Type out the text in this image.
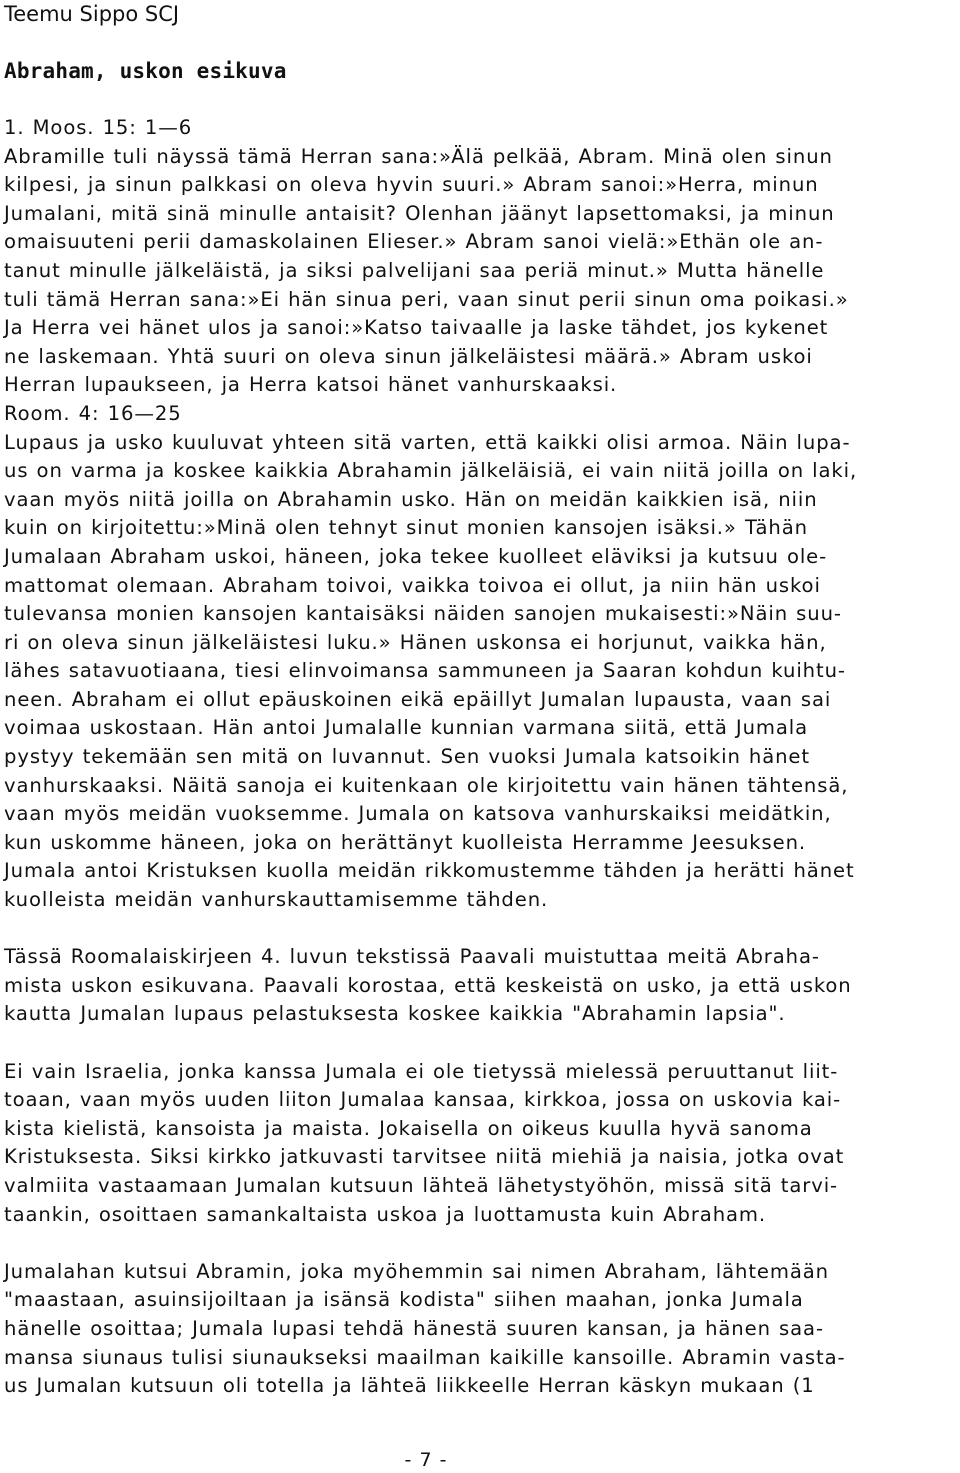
Teemu Sippo SCJ
Abraham, uskon esikuva
1. Moos. 15: 1—6
Abramille tuli näyssä tämä Herran sana:»Älä pelkää, Abram. Minä olen sinun
kilpesi, ja sinun palkkasi on oleva hyvin suuri.» Abram sanoi:»Herra, minun
Jumalani, mitä sinä minulle antaisit? Olenhan jäänyt lapsettomaksi, ja minun
omaisuuteni perii damaskolainen Elieser.» Abram sanoi vielä:»Ethän ole an-
tanut minulle jälkeläistä, ja siksi palvelijani saa periä minut.» Mutta hänelle
tuli tämä Herran sana:»Ei hän sinua peri, vaan sinut perii sinun oma poikasi.»
Ja Herra vei hänet ulos ja sanoi:»Katso taivaalle ja laske tähdet, jos kykenet
ne laskemaan. Yhtä suuri on oleva sinun jälkeläistesi määrä.» Abram uskoi
Herran lupaukseen, ja Herra katsoi hänet vanhurskaaksi.
Room. 4: 16—25
Lupaus ja usko kuuluvat yhteen sitä varten, että kaikki olisi armoa. Näin lupa-
us on varma ja koskee kaikkia Abrahamin jälkeläisiä, ei vain niitä joilla on laki,
vaan myös niitä joilla on Abrahamin usko. Hän on meidän kaikkien isä, niin
kuin on kirjoitettu:»Minä olen tehnyt sinut monien kansojen isäksi.» Tähän
Jumalaan Abraham uskoi, häneen, joka tekee kuolleet eläviksi ja kutsuu ole-
mattomat olemaan. Abraham toivoi, vaikka toivoa ei ollut, ja niin hän uskoi
tulevansa monien kansojen kantaisäksi näiden sanojen mukaisesti:»Näin suu-
ri on oleva sinun jälkeläistesi luku.» Hänen uskonsa ei horjunut, vaikka hän,
lähes satavuotiaana, tiesi elinvoimansa sammuneen ja Saaran kohdun kuihtu-
neen. Abraham ei ollut epäuskoinen eikä epäillyt Jumalan lupausta, vaan sai
voimaa uskostaan. Hän antoi Jumalalle kunnian varmana siitä, että Jumala
pystyy tekemään sen mitä on luvannut. Sen vuoksi Jumala katsoikin hänet
vanhurskaaksi. Näitä sanoja ei kuitenkaan ole kirjoitettu vain hänen tähtensä,
vaan myös meidän vuoksemme. Jumala on katsova vanhurskaiksi meidätkin,
kun uskomme häneen, joka on herättänyt kuolleista Herramme Jeesuksen.
Jumala antoi Kristuksen kuolla meidän rikkomustemme tähden ja herätti hänet
kuolleista meidän vanhurskauttamisemme tähden.
Tässä Roomalaiskirjeen 4. luvun tekstissä Paavali muistuttaa meitä Abraha-
mista uskon esikuvana. Paavali korostaa, että keskeistä on usko, ja että uskon
kautta Jumalan lupaus pelastuksesta koskee kaikkia "Abrahamin lapsia".
Ei vain Israelia, jonka kanssa Jumala ei ole tietyssä mielessä peruuttanut liit-
toaan, vaan myös uuden liiton Jumalaa kansaa, kirkkoa, jossa on uskovia kai-
kista kielistä, kansoista ja maista. Jokaisella on oikeus kuulla hyvä sanoma
Kristuksesta. Siksi kirkko jatkuvasti tarvitsee niitä miehiä ja naisia, jotka ovat
valmiita vastaamaan Jumalan kutsuun lähteä lähetystyöhön, missä sitä tarvi-
taankin, osoittaen samankaltaista uskoa ja luottamusta kuin Abraham.
Jumalahan kutsui Abramin, joka myöhemmin sai nimen Abraham, lähtemään
"maastaan, asuinsijoiltaan ja isänsä kodista" siihen maahan, jonka Jumala
hänelle osoittaa; Jumala lupasi tehdä hänestä suuren kansan, ja hänen saa-
mansa siunaus tulisi siunaukseksi maailman kaikille kansoille. Abramin vasta-
us Jumalan kutsuun oli totella ja lähteä liikkeelle Herran käskyn mukaan (1
- 7 -
